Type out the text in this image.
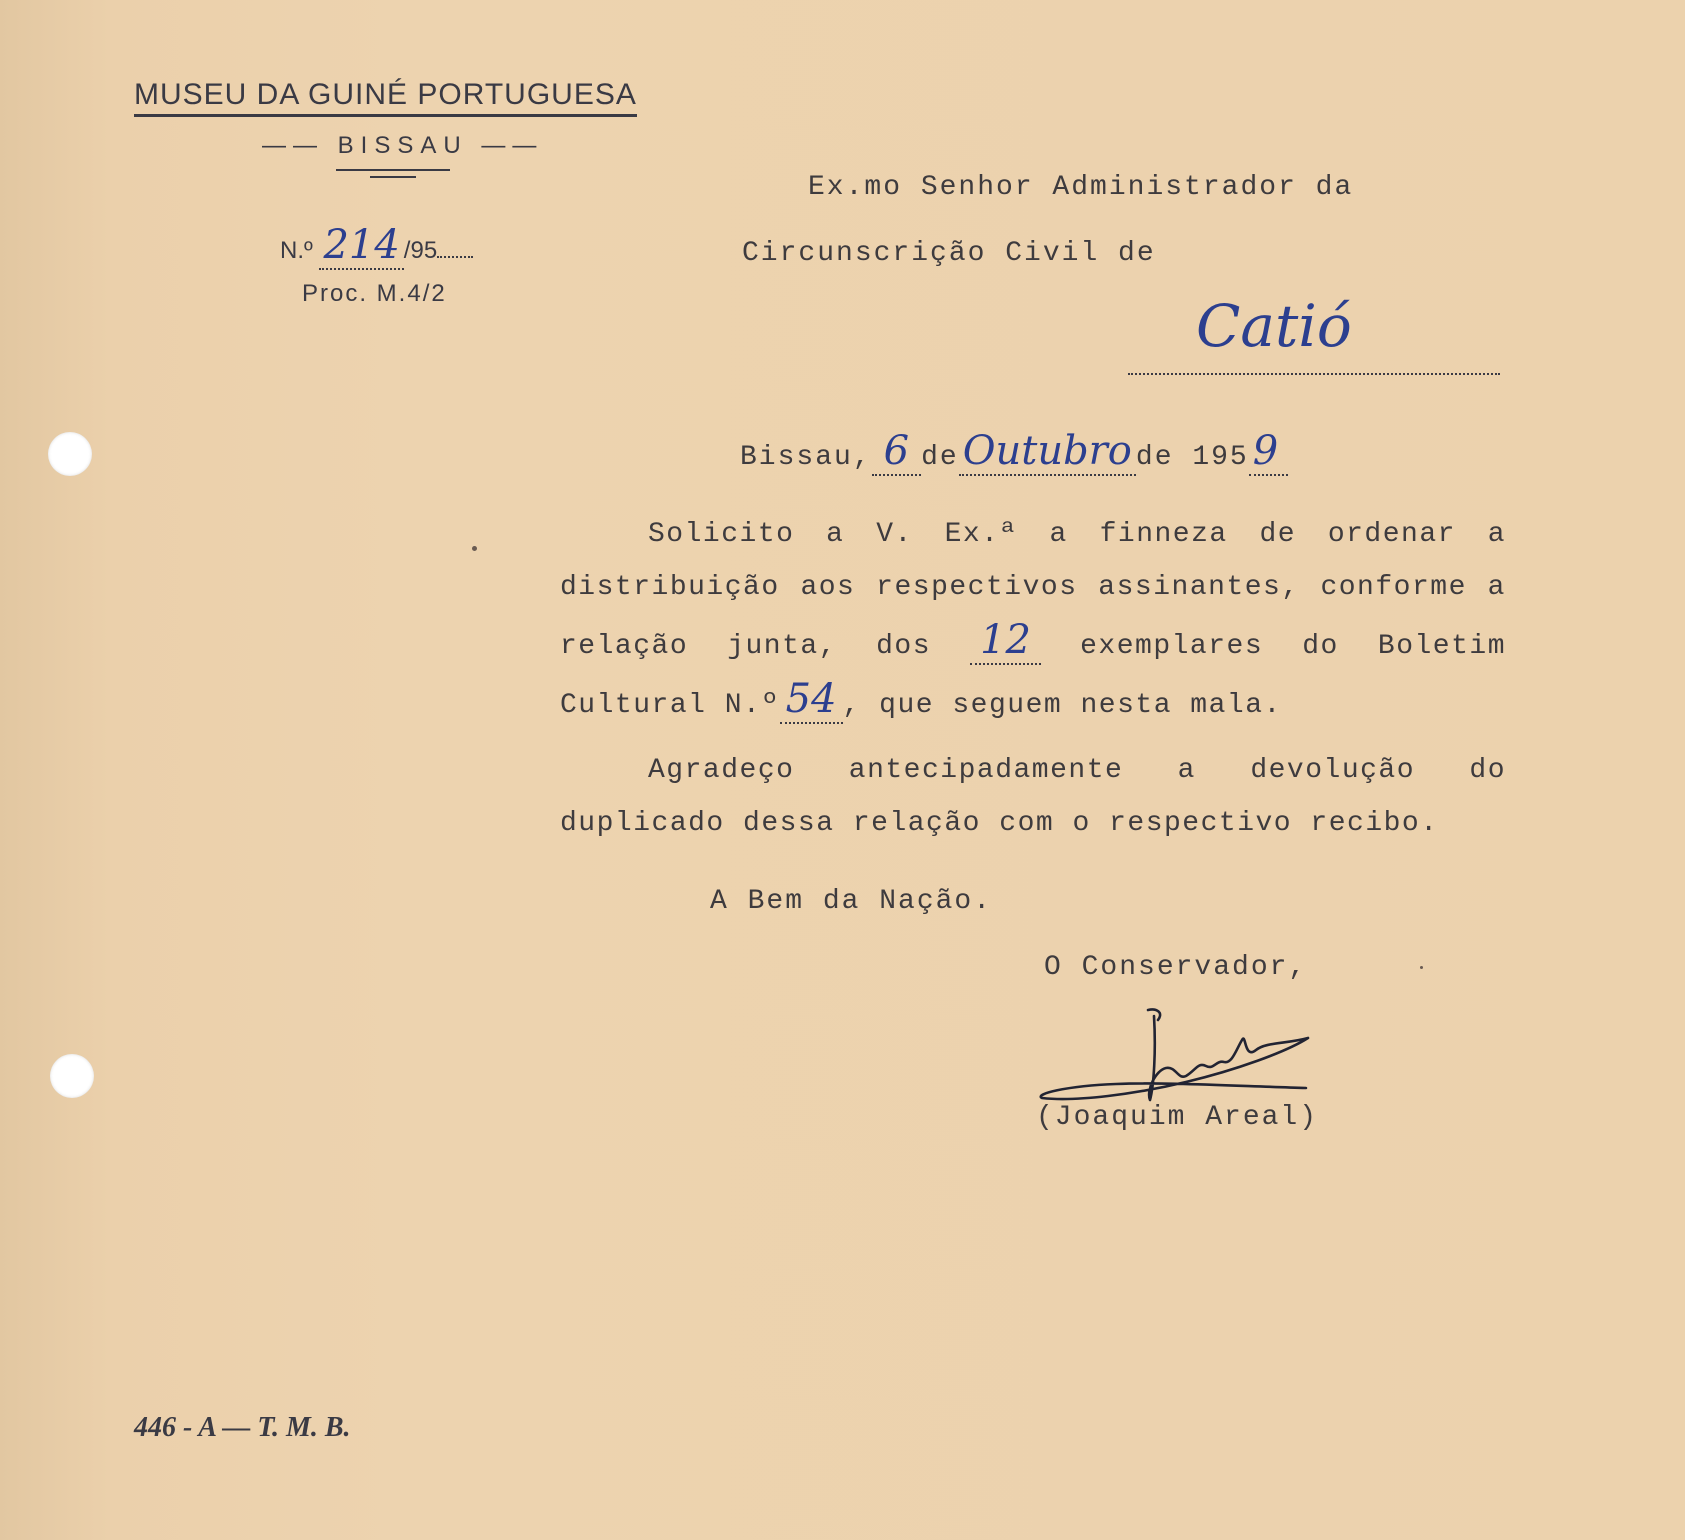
MUSEU DA GUINÉ PORTUGUESA
—— BISSAU ——
N.º 214 /95
Proc. M.4/2
Ex.mo Senhor Administrador da
Circunscrição Civil de
Catió
Bissau, 6 de Outubro de 195 9

Solicito a V. Ex.ª a finneza de ordenar a distribuição aos respectivos assinantes, conforme a relação junta, dos 12 exemplares do Boletim Cultural N.º 54 , que seguem nesta mala.

Agradeço antecipadamente a devolução do duplicado dessa relação com o respectivo recibo.

A Bem da Nação.
O Conservador,
(Joaquim Areal)
446 - A — T. M. B.
